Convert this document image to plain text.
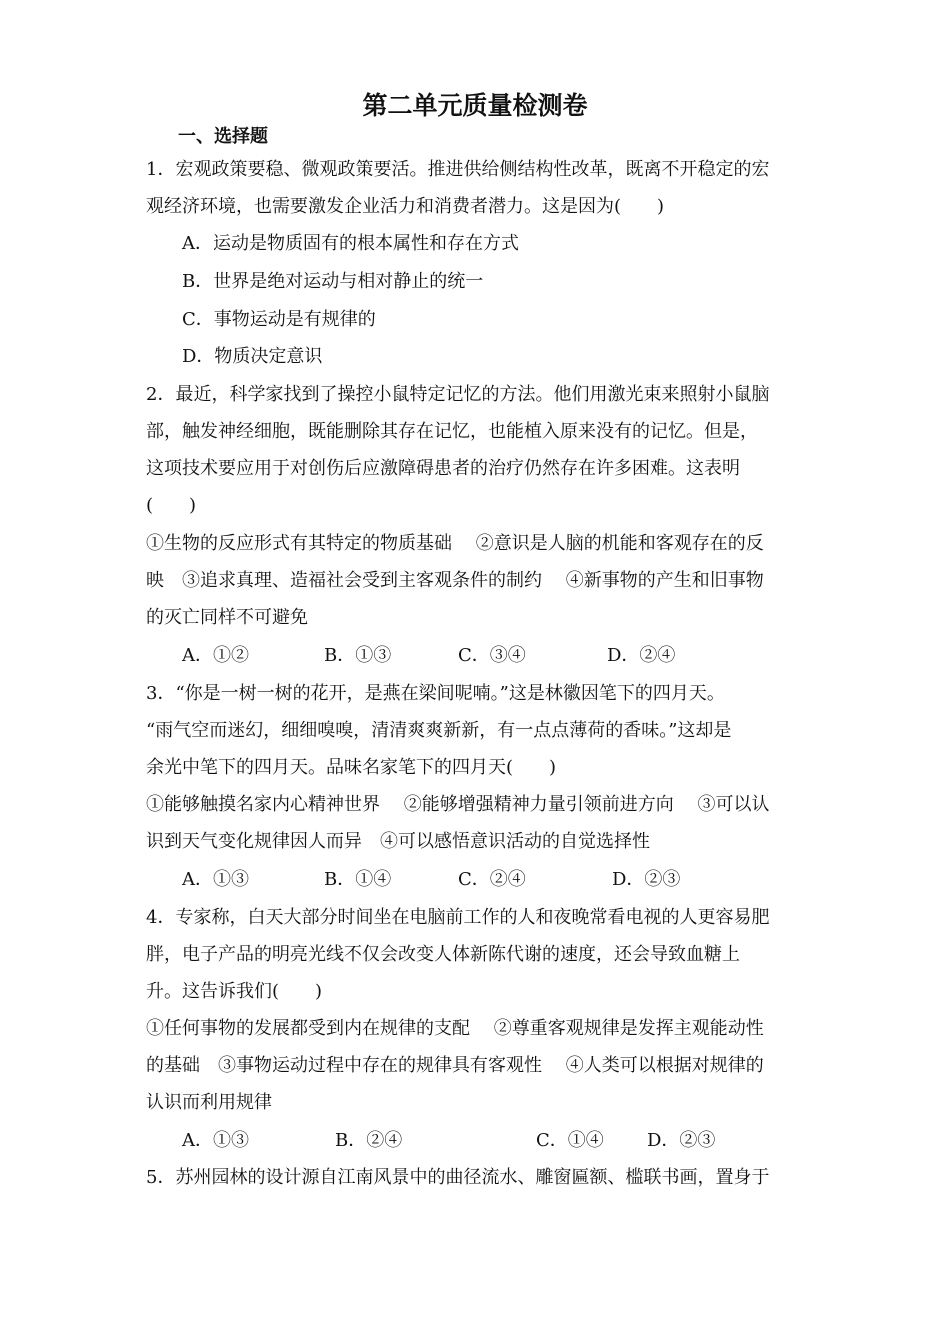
第二单元质量检测卷
一、选择题
1．宏观政策要稳、微观政策要活。推进供给侧结构性改革，既离不开稳定的宏
观经济环境，也需要激发企业活力和消费者潜力。这是因为(　　)
A．运动是物质固有的根本属性和存在方式
B．世界是绝对运动与相对静止的统一
C．事物运动是有规律的
D．物质决定意识
2．最近，科学家找到了操控小鼠特定记忆的方法。他们用激光束来照射小鼠脑
部，触发神经细胞，既能删除其存在记忆，也能植入原来没有的记忆。但是，
这项技术要应用于对创伤后应激障碍患者的治疗仍然存在许多困难。这表明
(　　)
①生物的反应形式有其特定的物质基础　 ②意识是人脑的机能和客观存在的反
映　③追求真理、造福社会受到主客观条件的制约　 ④新事物的产生和旧事物
的灭亡同样不可避免
A．①②	B．①③	C．③④	D．②④
3．“你是一树一树的花开，是燕在梁间呢喃。”这是林徽因笔下的四月天。
“雨气空而迷幻，细细嗅嗅，清清爽爽新新，有一点点薄荷的香味。”这却是
余光中笔下的四月天。品味名家笔下的四月天(　　)
①能够触摸名家内心精神世界　 ②能够增强精神力量引领前进方向　 ③可以认
识到天气变化规律因人而异　④可以感悟意识活动的自觉选择性
A．①③	B．①④	C．②④	D．②③
4．专家称，白天大部分时间坐在电脑前工作的人和夜晚常看电视的人更容易肥
胖，电子产品的明亮光线不仅会改变人体新陈代谢的速度，还会导致血糖上
升。这告诉我们(　　)
①任何事物的发展都受到内在规律的支配　 ②尊重客观规律是发挥主观能动性
的基础　③事物运动过程中存在的规律具有客观性　 ④人类可以根据对规律的
认识而利用规律
A．①③	B．②④	C．①④ D．②③
5．苏州园林的设计源自江南风景中的曲径流水、雕窗匾额、槛联书画，置身于
